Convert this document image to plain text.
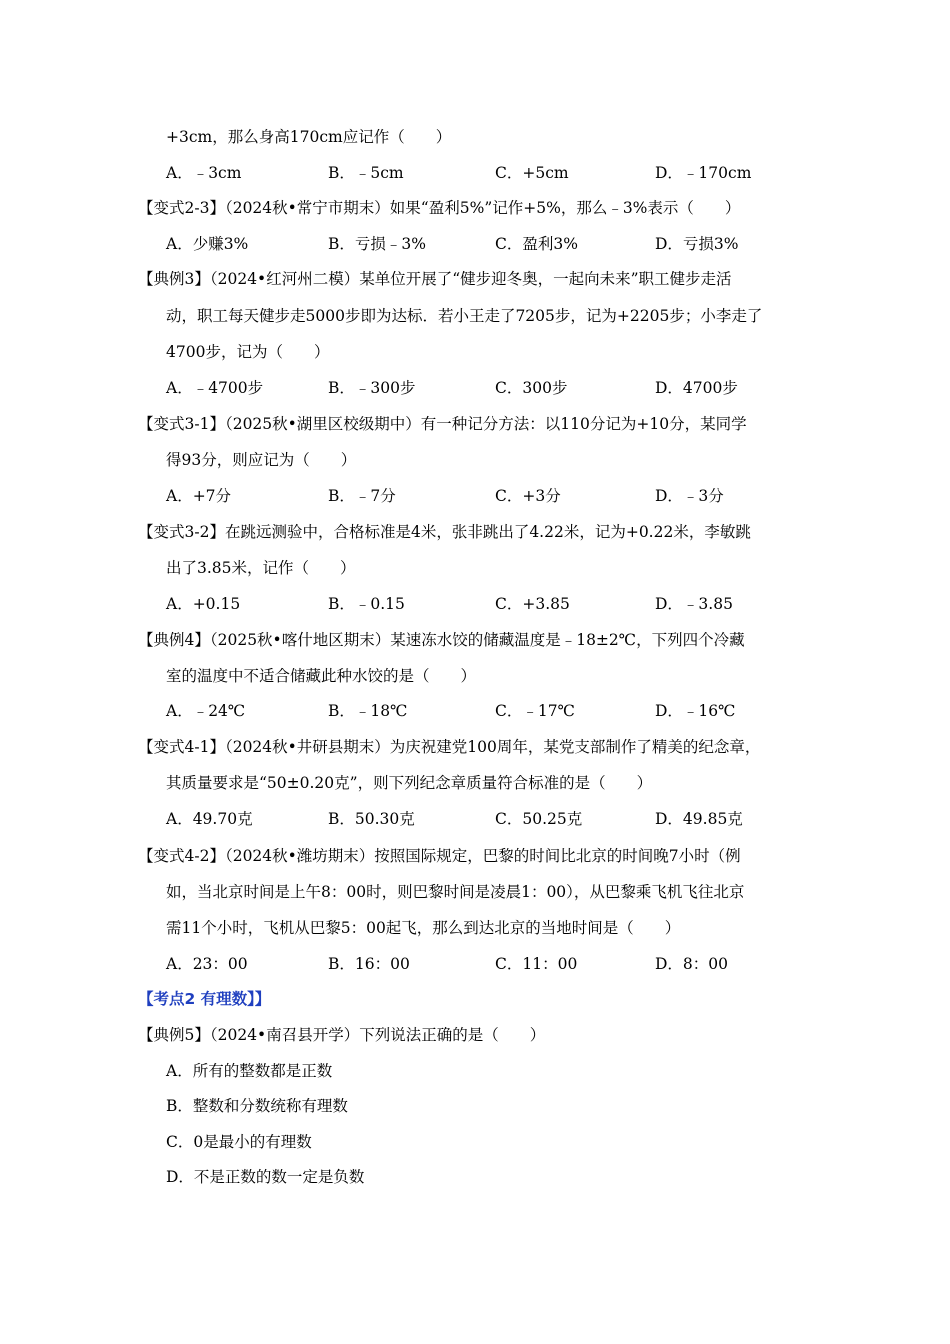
+3cm，那么身高170cm应记作（　　）
A．﹣3cm	B．﹣5cm	C．+5cm	D．﹣170cm
【变式2-3】（2024秋•常宁市期末）如果“盈利5%”记作+5%，那么﹣3%表示（　　）
A．少赚3%	B．亏损﹣3%	C．盈利3%	D．亏损3%
【典例3】（2024•红河州二模）某单位开展了“健步迎冬奥，一起向未来”职工健步走活
动，职工每天健步走5000步即为达标．若小王走了7205步，记为+2205步；小李走了
4700步，记为（　　）
A．﹣4700步	B．﹣300步	C．300步	D．4700步
【变式3-1】（2025秋•湖里区校级期中）有一种记分方法：以110分记为+10分，某同学
得93分，则应记为（　　）
A．+7分	B．﹣7分	C．+3分	D．﹣3分
【变式3-2】在跳远测验中，合格标准是4米，张非跳出了4.22米，记为+0.22米，李敏跳
出了3.85米，记作（　　）
A．+0.15	B．﹣0.15	C．+3.85	D．﹣3.85
【典例4】（2025秋•喀什地区期末）某速冻水饺的储藏温度是﹣18±2℃，下列四个冷藏
室的温度中不适合储藏此种水饺的是（　　）
A．﹣24℃	B．﹣18℃	C．﹣17℃	D．﹣16℃
【变式4-1】（2024秋•井研县期末）为庆祝建党100周年，某党支部制作了精美的纪念章，
其质量要求是“50±0.20克”，则下列纪念章质量符合标准的是（　　）
A．49.70克	B．50.30克	C．50.25克	D．49.85克
【变式4-2】（2024秋•潍坊期末）按照国际规定，巴黎的时间比北京的时间晚7小时（例
如，当北京时间是上午8：00时，则巴黎时间是凌晨1：00），从巴黎乘飞机飞往北京
需11个小时，飞机从巴黎5：00起飞，那么到达北京的当地时间是（　　）
A．23：00	B．16：00	C．11：00	D．8：00
【考点2 有理数】】
【典例5】（2024•南召县开学）下列说法正确的是（　　）
A．所有的整数都是正数
B．整数和分数统称有理数
C．0是最小的有理数
D．不是正数的数一定是负数
